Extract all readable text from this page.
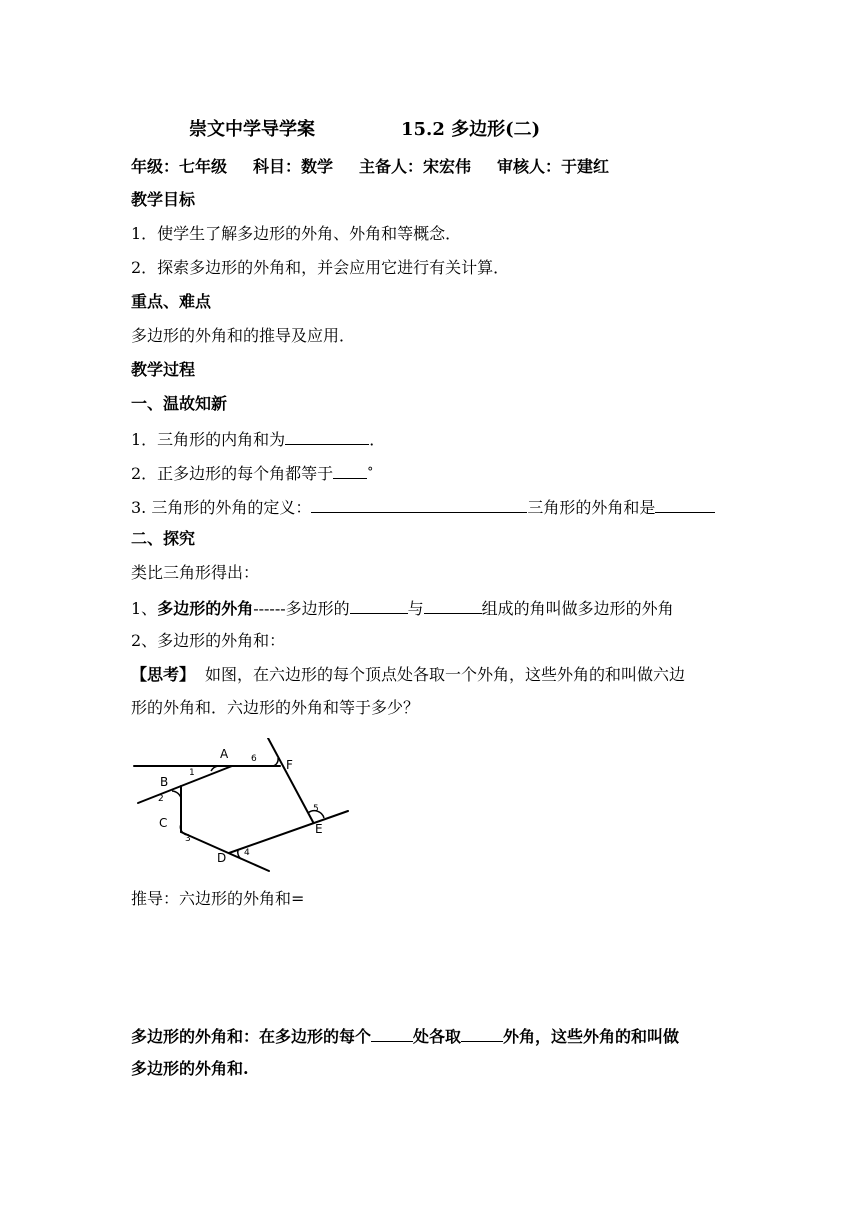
崇文中学导学案	15.2 多边形(二)
年级：七年级 科目：数学 主备人：宋宏伟 审核人：于建红
教学目标
1．使学生了解多边形的外角、外角和等概念．
2．探索多边形的外角和，并会应用它进行有关计算．
重点、难点
多边形的外角和的推导及应用．
教学过程
一、温故知新
1．三角形的内角和为	．
2．正多边形的每个角都等于	°
3. 三角形的外角的定义：	三角形的外角和是
二、探究
类比三角形得出：
1、多边形的外角------多边形的	与	组成的角叫做多边形的外角
2、多边形的外角和：
【思考】 如图，在六边形的每个顶点处各取一个外角，这些外角的和叫做六边
形的外角和．六边形的外角和等于多少？
A
B
C
D
E
F
1
2
3
4
5
6
推导：六边形的外角和=
多边形的外角和：在多边形的每个	处各取	外角，这些外角的和叫做
多边形的外角和.
